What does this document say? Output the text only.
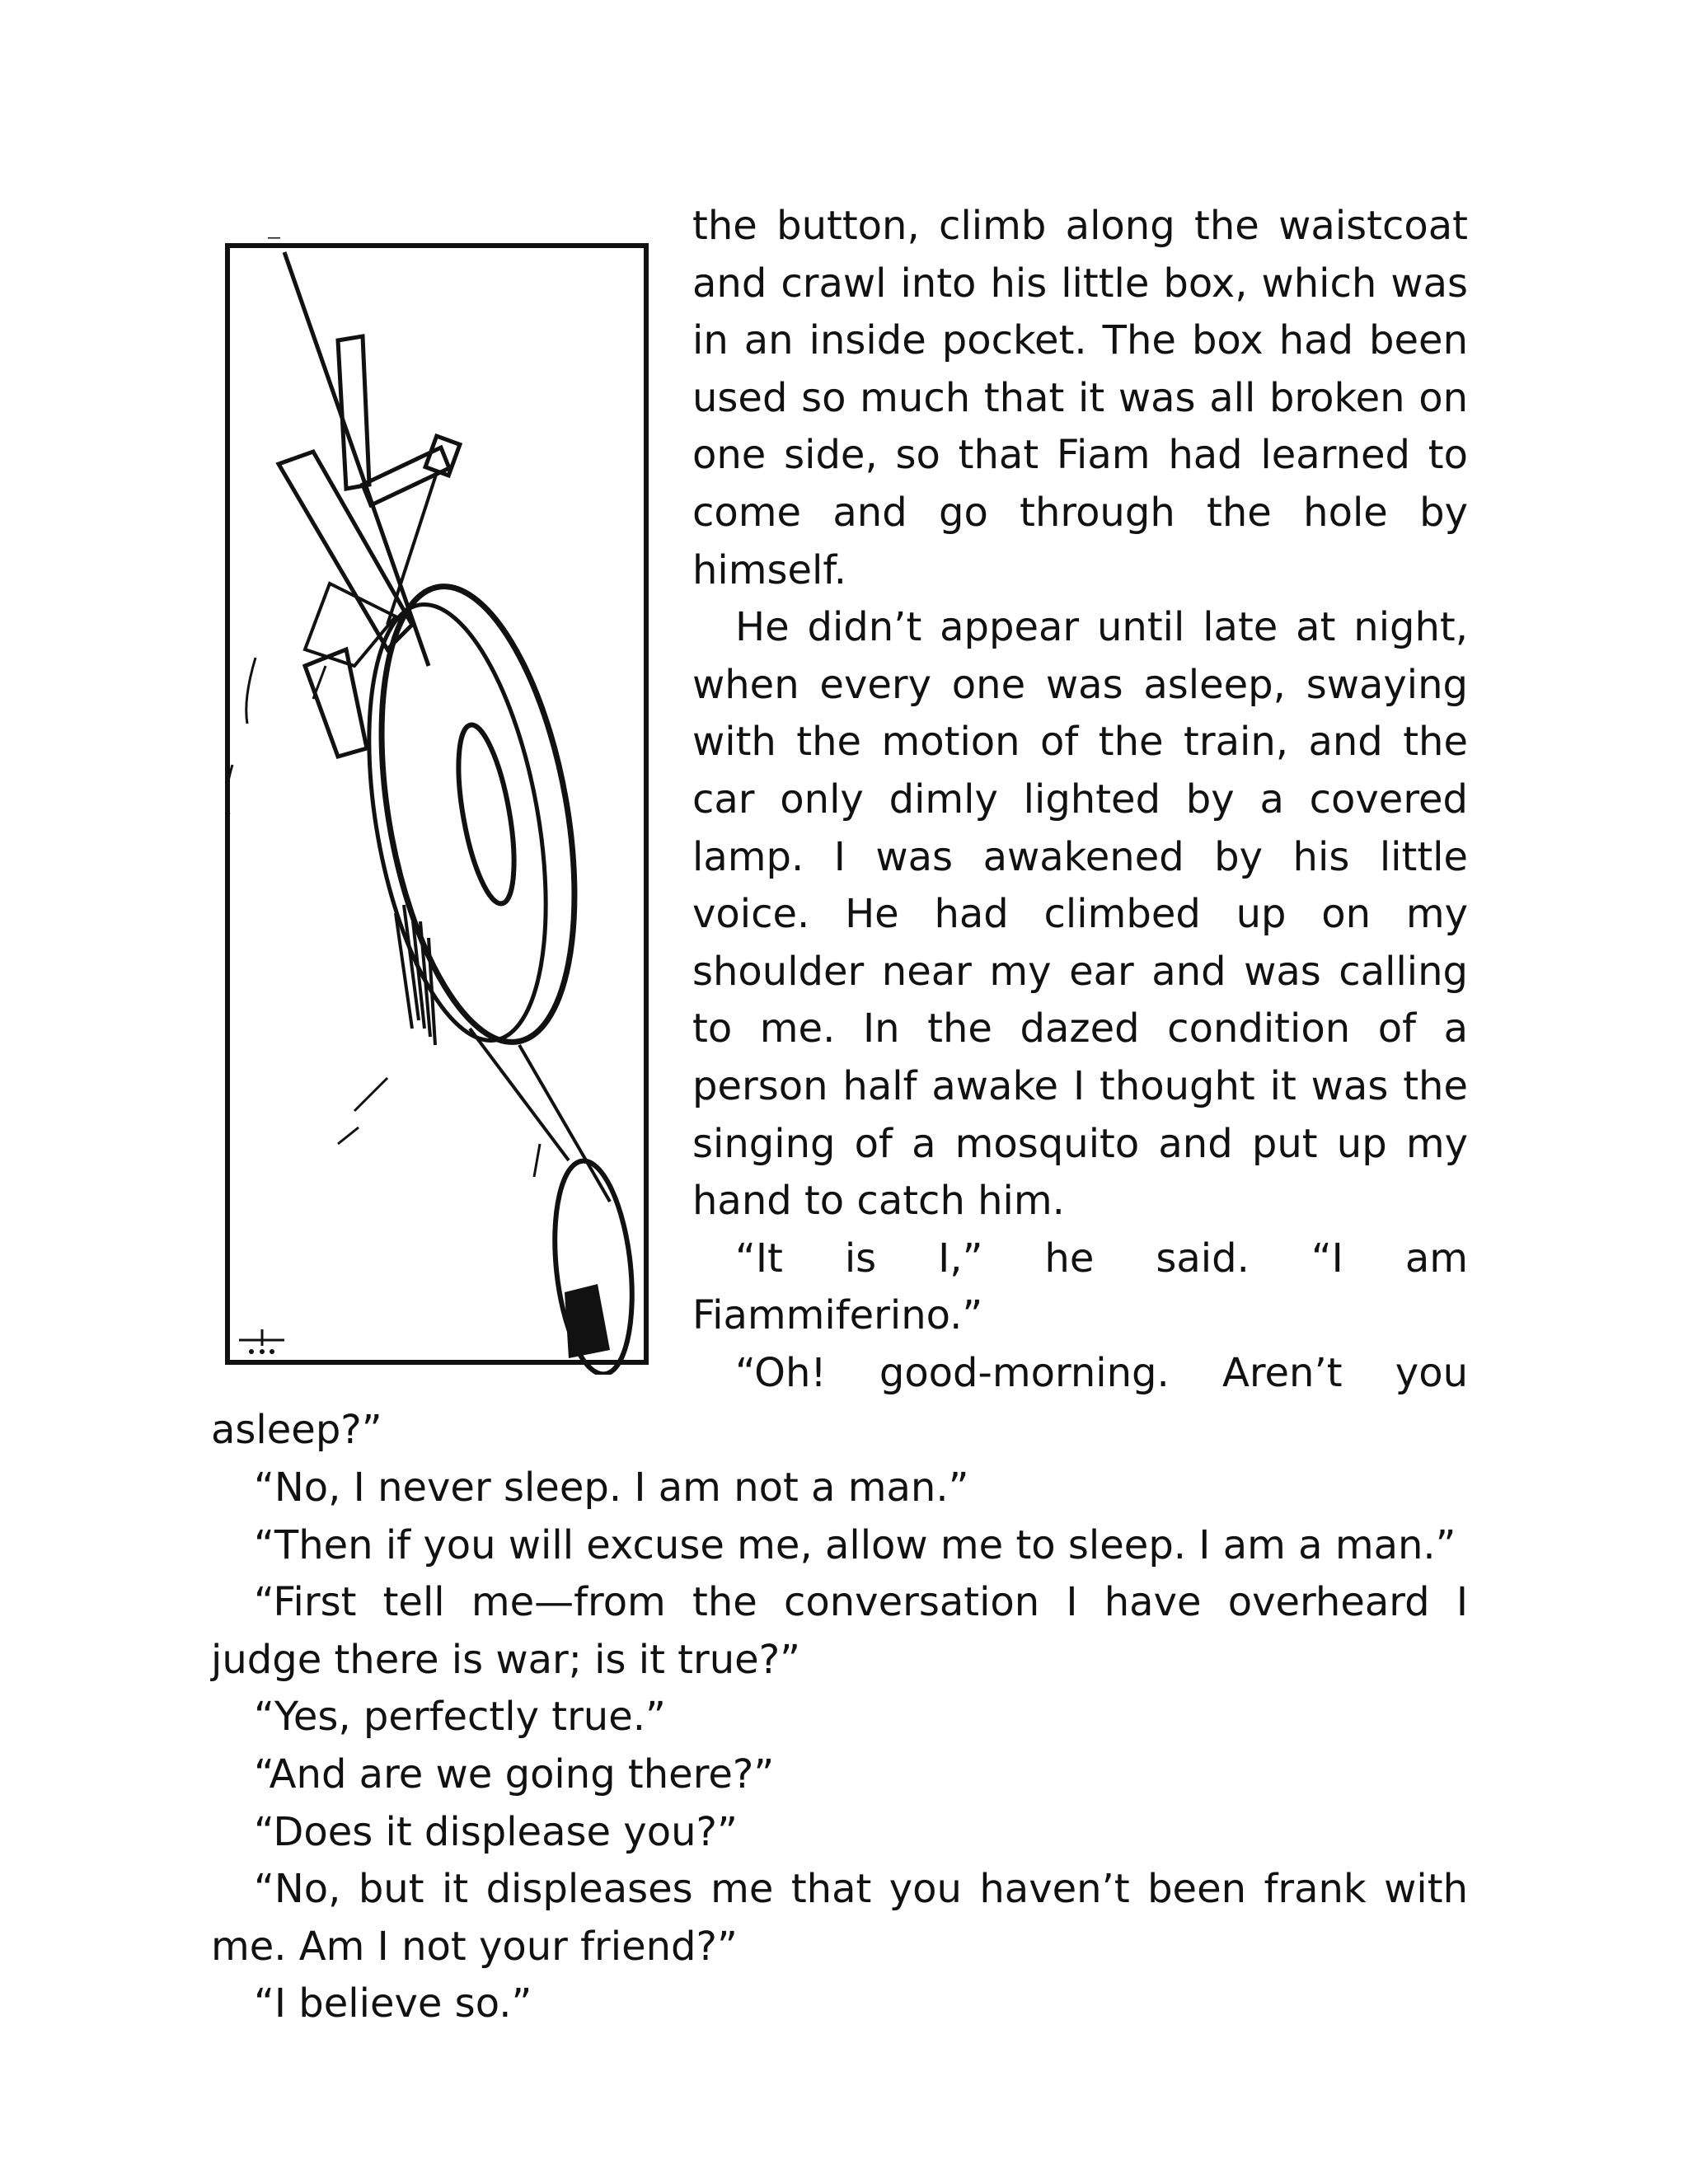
the button, climb along the waistcoat and crawl into his little box, which was in an inside pocket. The box had been used so much that it was all broken on one side, so that Fiam had learned to come and go through the hole by himself.

He didn’t appear until late at night, when every one was asleep, swaying with the motion of the train, and the car only dimly lighted by a covered lamp. I was awakened by his little voice. He had climbed up on my shoulder near my ear and was calling to me. In the dazed condition of a person half awake I thought it was the singing of a mosquito and put up my hand to catch him.

“It is I,” he said. “I am Fiammiferino.”

“Oh! good-morning. Aren’t you asleep?”

“No, I never sleep. I am not a man.”

“Then if you will excuse me, allow me to sleep. I am a man.”

“First tell me—from the conversation I have overheard I judge there is war; is it true?”

“Yes, perfectly true.”

“And are we going there?”

“Does it displease you?”

“No, but it displeases me that you haven’t been frank with me. Am I not your friend?”

“I believe so.”
